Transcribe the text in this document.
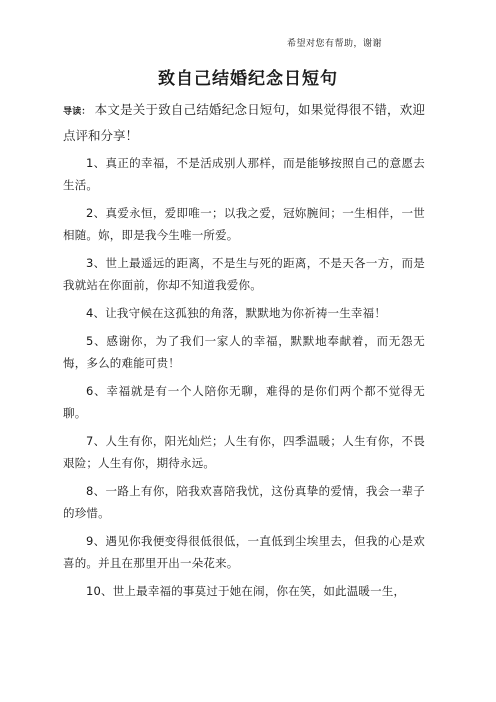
希望对您有帮助，谢谢
致自己结婚纪念日短句

导读： 本文是关于致自己结婚纪念日短句，如果觉得很不错，欢迎点评和分享！

1、真正的幸福，不是活成别人那样，而是能够按照自己的意愿去生活。

2、真爱永恒，爱即唯一；以我之爱，冠妳腕间；一生相伴，一世相随。妳，即是我今生唯一所爱。

3、世上最遥远的距离，不是生与死的距离，不是天各一方，而是我就站在你面前，你却不知道我爱你。

4、让我守候在这孤独的角落，默默地为你祈祷一生幸福！

5、感谢你，为了我们一家人的幸福，默默地奉献着，而无怨无悔，多么的难能可贵！

6、幸福就是有一个人陪你无聊，难得的是你们两个都不觉得无聊。

7、人生有你，阳光灿烂；人生有你，四季温暖；人生有你，不畏艰险；人生有你，期待永远。

8、一路上有你，陪我欢喜陪我忧，这份真挚的爱情，我会一辈子的珍惜。

9、遇见你我便变得很低很低，一直低到尘埃里去，但我的心是欢喜的。并且在那里开出一朵花来。

10、世上最幸福的事莫过于她在闹，你在笑，如此温暖一生，
